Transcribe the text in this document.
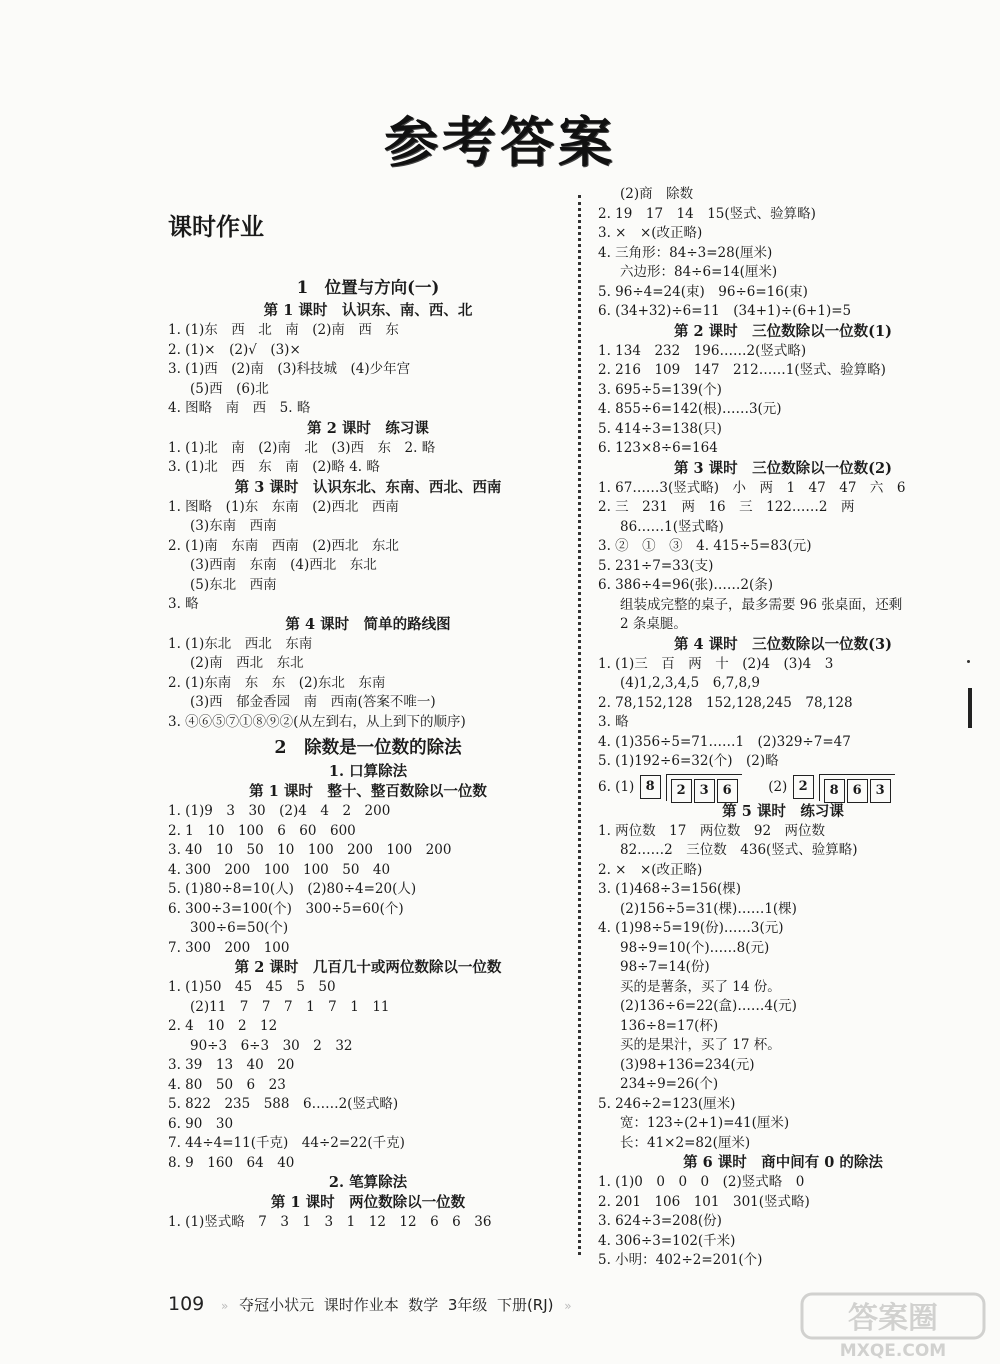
参考答案
课时作业
1　位置与方向(一)
第 1 课时　认识东、南、西、北
1. (1)东　西　北　南　(2)南　西　东
2. (1)×　(2)√　(3)×
3. (1)西　(2)南　(3)科技城　(4)少年宫
(5)西　(6)北
4. 图略　南　西　5. 略
第 2 课时　练习课
1. (1)北　南　(2)南　北　(3)西　东　2. 略
3. (1)北　西　东　南　(2)略 4. 略
第 3 课时　认识东北、东南、西北、西南
1. 图略　(1)东　东南　(2)西北　西南
(3)东南　西南
2. (1)南　东南　西南　(2)西北　东北
(3)西南　东南　(4)西北　东北
(5)东北　西南
3. 略
第 4 课时　简单的路线图
1. (1)东北　西北　东南
(2)南　西北　东北
2. (1)东南　东　东　(2)东北　东南
(3)西　郁金香园　南　西南(答案不唯一)
3. ④⑥⑤⑦①⑧⑨②(从左到右，从上到下的顺序)
2　除数是一位数的除法
1. 口算除法
第 1 课时　整十、整百数除以一位数
1. (1)9　3　30　(2)4　4　2　200
2. 1　10　100　6　60　600
3. 40　10　50　10　100　200　100　200
4. 300　200　100　100　50　40
5. (1)80÷8=10(人)　(2)80÷4=20(人)
6. 300÷3=100(个)　300÷5=60(个)
300÷6=50(个)
7. 300　200　100
第 2 课时　几百几十或两位数除以一位数
1. (1)50　45　45　5　50
(2)11　7　7　7　1　7　1　11
2. 4　10　2　12
90÷3　6÷3　30　2　32
3. 39　13　40　20
4. 80　50　6　23
5. 822　235　588　6……2(竖式略)
6. 90　30
7. 44÷4=11(千克)　44÷2=22(千克)
8. 9　160　64　40
2. 笔算除法
第 1 课时　两位数除以一位数
1. (1)竖式略　7　3　1　3　1　12　12　6　6　36
(2)商　除数
2. 19　17　14　15(竖式、验算略)
3. ×　×(改正略)
4. 三角形：84÷3=28(厘米)
六边形：84÷6=14(厘米)
5. 96÷4=24(束)　96÷6=16(束)
6. (34+32)÷6=11　(34+1)÷(6+1)=5
第 2 课时　三位数除以一位数(1)
1. 134　232　196……2(竖式略)
2. 216　109　147　212……1(竖式、验算略)
3. 695÷5=139(个)
4. 855÷6=142(根)……3(元)
5. 414÷3=138(只)
6. 123×8÷6=164
第 3 课时　三位数除以一位数(2)
1. 67……3(竖式略)　小　两　1　47　47　六　6
2. 三　231　两　16　三　122……2　两
86……1(竖式略)
3. ②　①　③　4. 415÷5=83(元)
5. 231÷7=33(支)
6. 386÷4=96(张)……2(条)
组装成完整的桌子，最多需要 96 张桌面，还剩
2 条桌腿。
第 4 课时　三位数除以一位数(3)
1. (1)三　百　两　十　(2)4　(3)4　3
(4)1,2,3,4,5　6,7,8,9
2. 78,152,128　152,128,245　78,128
3. 略
4. (1)356÷5=71……1　(2)329÷7=47
5. (1)192÷6=32(个)　(2)略
6. (1) 8 2 3 6	(2) 2 8 6 3
第 5 课时　练习课
1. 两位数　17　两位数　92　两位数
82……2　三位数　436(竖式、验算略)
2. ×　×(改正略)
3. (1)468÷3=156(棵)
(2)156÷5=31(棵)……1(棵)
4. (1)98÷5=19(份)……3(元)
98÷9=10(个)……8(元)
98÷7=14(份)
买的是薯条，买了 14 份。
(2)136÷6=22(盒)……4(元)
136÷8=17(杯)
买的是果汁，买了 17 杯。
(3)98+136=234(元)
234÷9=26(个)
5. 246÷2=123(厘米)
宽：123÷(2+1)=41(厘米)
长：41×2=82(厘米)
第 6 课时　商中间有 0 的除法
1. (1)0　0　0　0　(2)竖式略　0
2. 201　106　101　301(竖式略)
3. 624÷3=208(份)
4. 306÷3=102(千米)
5. 小明：402÷2=201(个)
109 » 夺冠小状元 课时作业本 数学 3年级 下册(RJ) »	答案圈
MXQE.COM
